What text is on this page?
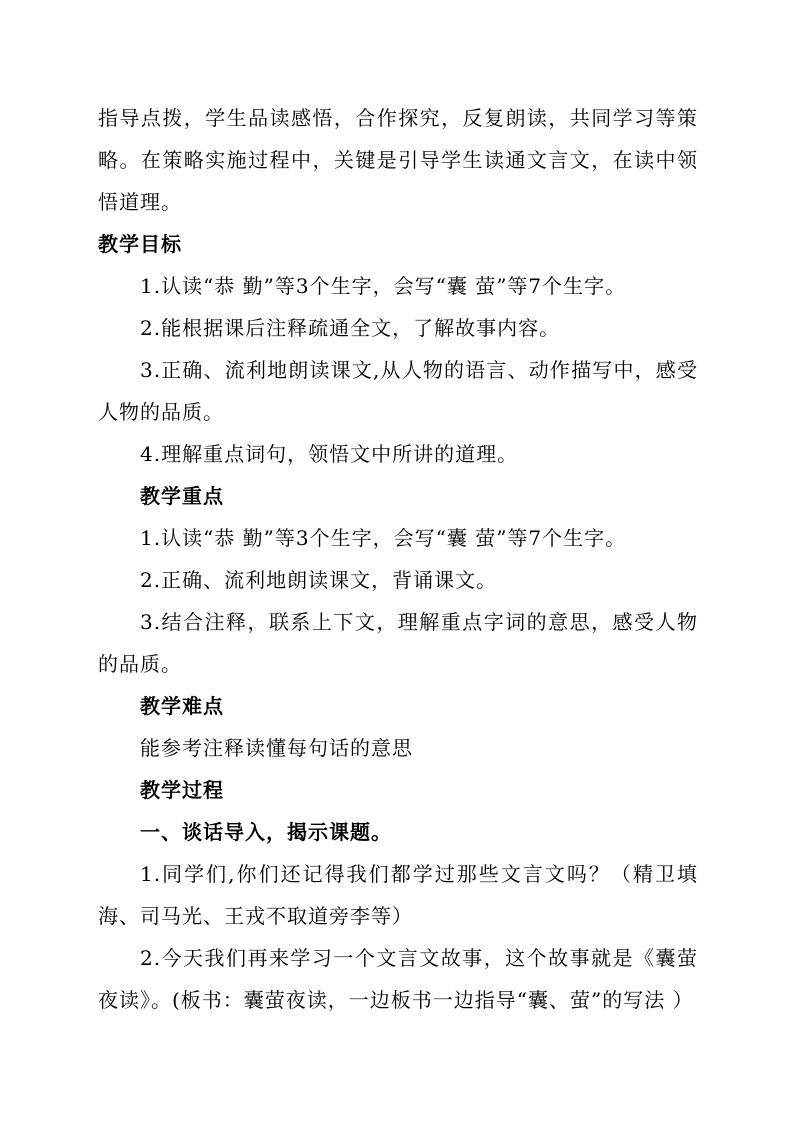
指导点拨，学生品读感悟，合作探究，反复朗读，共同学习等策略。在策略实施过程中，关键是引导学生读通文言文，在读中领悟道理。

教学目标

1.认读“恭 勤”等3个生字，会写“囊 萤”等7个生字。

2.能根据课后注释疏通全文，了解故事内容。

3.正确、流利地朗读课文,从人物的语言、动作描写中，感受人物的品质。

4.理解重点词句，领悟文中所讲的道理。

教学重点

1.认读“恭 勤”等3个生字，会写“囊 萤”等7个生字。

2.正确、流利地朗读课文，背诵课文。

3.结合注释，联系上下文，理解重点字词的意思，感受人物的品质。

教学难点

能参考注释读懂每句话的意思

教学过程

一、谈话导入，揭示课题。

1.同学们,你们还记得我们都学过那些文言文吗？（精卫填海、司马光、王戎不取道旁李等）

2.今天我们再来学习一个文言文故事，这个故事就是《囊萤夜读》。(板书：囊萤夜读，一边板书一边指导“囊、萤”的写法 ）
